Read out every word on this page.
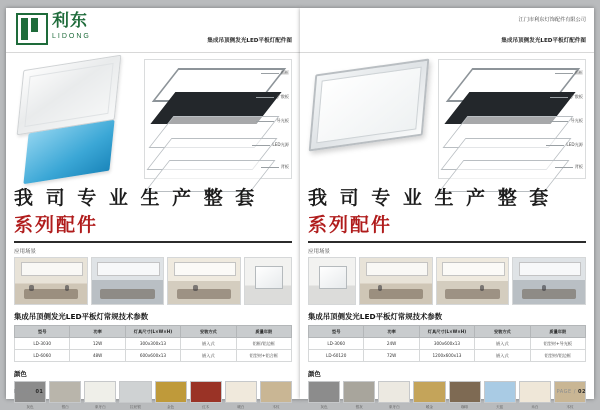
利东
LIDONG
集成吊顶侧发光LED平板灯配件图
面框
扩散板
导光板
LED光源
背板
我 司 专 业 生 产 整 套系列配件
应用场景
集成吊顶侧发光LED平板灯常规技术参数
型号	功率	灯具尺寸(L×W×H)	安装方式	质量年限
LD-3030	12W	300x300x13	嵌入式	铝框/铝边框
LD-6060	48W	600x600x13	嵌入式	铝型材+铝合框
颜色
灰色	银白	象牙白	拉丝银	金色	红木	暖白	木纹
PAGE / 01
江门市利东灯饰配件有限公司
集成吊顶侧发光LED平板灯配件图
面框
扩散板
导光板
LED光源
背板
我 司 专 业 生 产 整 套系列配件
应用场景
集成吊顶侧发光LED平板灯常规技术参数
型号	功率	灯具尺寸(L×W×H)	安装方式	质量年限
LD-3060	24W	300x600x13	嵌入式	铝型材+导光板
LD-60120	72W	1200x600x13	嵌入式	铝型材/铝边框
颜色
灰色	银灰	象牙白	暖金	咖啡	天蓝	米白	木纹
PAGE / 02
